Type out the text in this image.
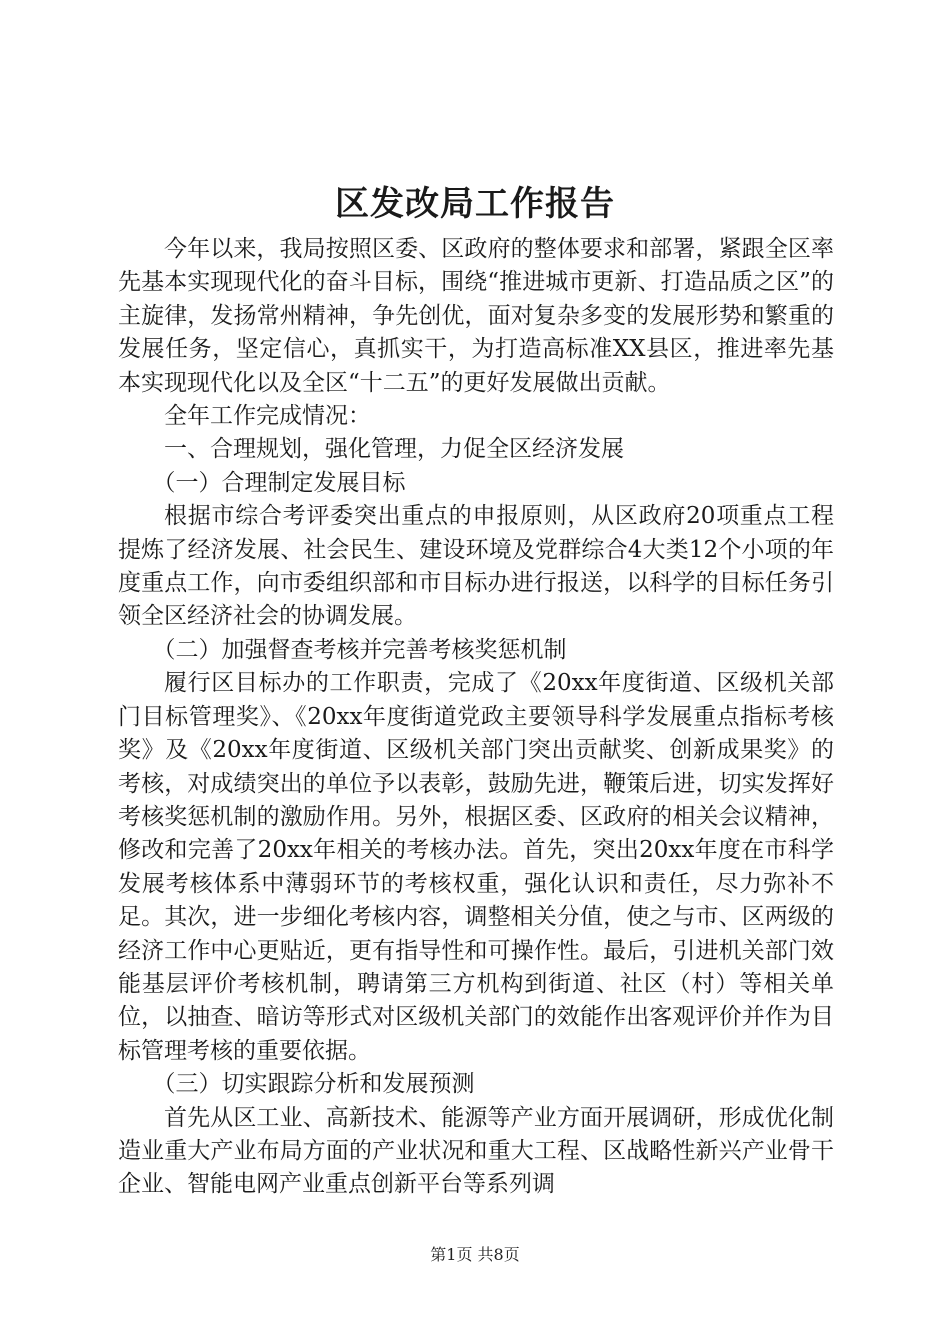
区发改局工作报告

今年以来，我局按照区委、区政府的整体要求和部署，紧跟全区率先基本实现现代化的奋斗目标，围绕“推进城市更新、打造品质之区”的主旋律，发扬常州精神，争先创优，面对复杂多变的发展形势和繁重的发展任务，坚定信心，真抓实干，为打造高标准XX县区，推进率先基本实现现代化以及全区“十二五”的更好发展做出贡献。

全年工作完成情况：

一、合理规划，强化管理，力促全区经济发展

（一）合理制定发展目标

根据市综合考评委突出重点的申报原则，从区政府20项重点工程提炼了经济发展、社会民生、建设环境及党群综合4大类12个小项的年度重点工作，向市委组织部和市目标办进行报送，以科学的目标任务引领全区经济社会的协调发展。

（二）加强督查考核并完善考核奖惩机制

履行区目标办的工作职责，完成了《20xx年度街道、区级机关部门目标管理奖》、《20xx年度街道党政主要领导科学发展重点指标考核奖》及《20xx年度街道、区级机关部门突出贡献奖、创新成果奖》的考核，对成绩突出的单位予以表彰，鼓励先进，鞭策后进，切实发挥好考核奖惩机制的激励作用。另外，根据区委、区政府的相关会议精神，修改和完善了20xx年相关的考核办法。首先，突出20xx年度在市科学发展考核体系中薄弱环节的考核权重，强化认识和责任，尽力弥补不足。其次，进一步细化考核内容，调整相关分值，使之与市、区两级的经济工作中心更贴近，更有指导性和可操作性。最后，引进机关部门效能基层评价考核机制，聘请第三方机构到街道、社区（村）等相关单位，以抽查、暗访等形式对区级机关部门的效能作出客观评价并作为目标管理考核的重要依据。

（三）切实跟踪分析和发展预测

首先从区工业、高新技术、能源等产业方面开展调研，形成优化制造业重大产业布局方面的产业状况和重大工程、区战略性新兴产业骨干企业、智能电网产业重点创新平台等系列调

第1页 共8页
